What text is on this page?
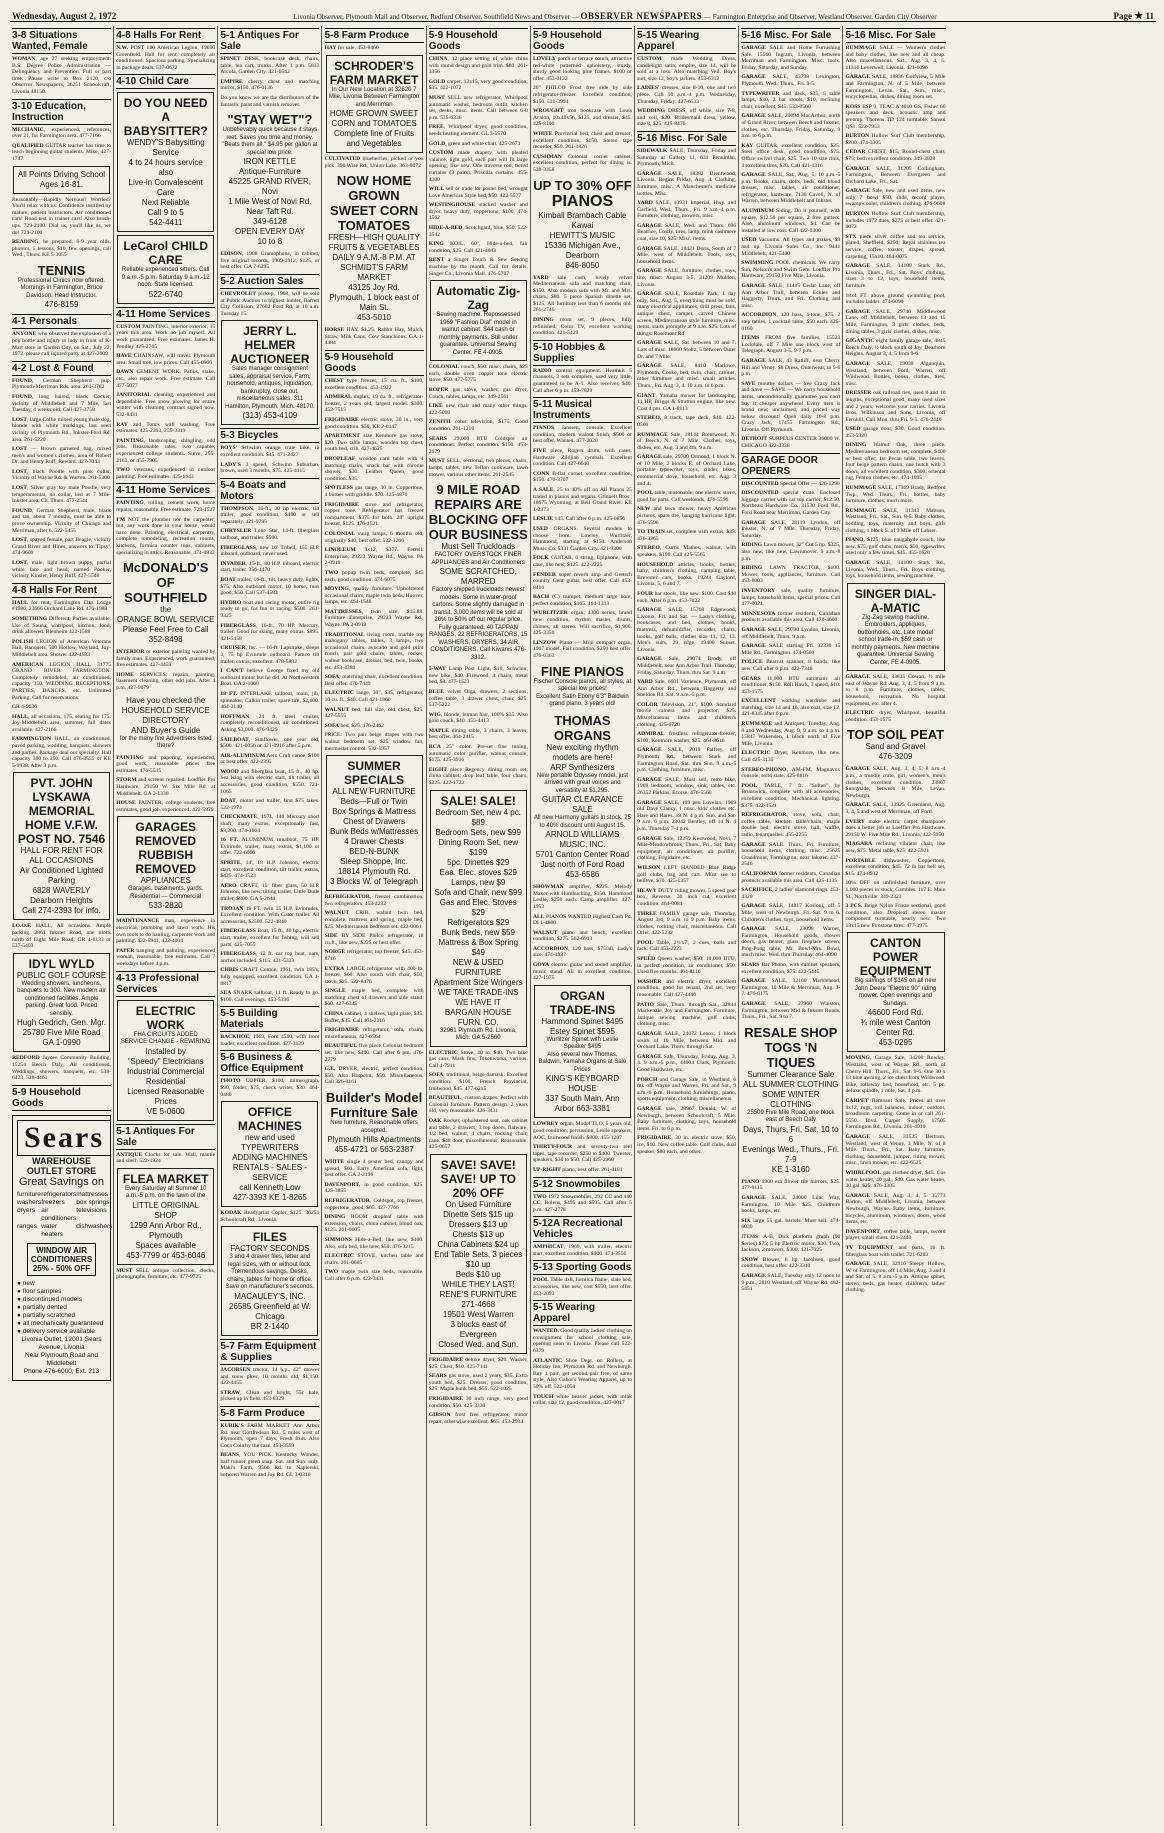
Wednesday, August 2, 1972	Livonia Observer, Plymouth Mail and Observer, Redford Observer, Southfield News and Observer — OBSERVER NEWSPAPERS — Farmington Enterprise and Observer, Westland Observer, Garden City Observer	Page 11
3-8 Situations Wanted, Female
WOMAN, age 27 seeking employment. B.S. Degree Police Administration — Delinquency and Prevention. Full or part time. Please write to Box 2120, c/o Observer Newspapers, 36251 Schoolcraft, Livonia 48150.
3-10 Education, Instruction
MECHANIC, experienced, references, over 21, for Farmington area. 477-7166
QUALIFIED GUITAR teacher has time to teach beginning guitar students. Mike, 427-1747
All Points Driving School
Ages 16-81.
Reasonably—Rapidly Nervous? Worried? You'll relax with us. Confidence instilled by mature, patient instructors. Air conditioned cars! Road test in trainer cars! Also brush-ups. 729-2100. Dial us, you'll like us, we do! 729-2100
READING, be prepared, 6-9 year olds, phonics, 5 lessons, $10, few openings, call Wed., Thurs. KE 5-3055
TENNIS
Professional Clinics now offered. Mornings in Farmington, Bruce Davidson, Head Instructor.
476-8159
4-1 Personals
ANYONE who observed the explosion of a pop bottle and injury to lady in front of K-Mart store in Garden City, on Sat., July 22, 1972, please call injured party at 427-2009
4-2 Lost & Found
FOUND, German Shepherd pup. Plymouth-Merriman Rds. area. 261-3782
FOUND, long haired, black Cocker, vicinity of Middlebelt and 7 Mile, last Tuesday, 4 weeks old. Call 427-3758
LOST, large Collie mixed young male dog, blonde with white markings, last seen vicinity of Plymouth Rd., Inkster-Ford Rd. area. 261-5220
LOST — Brown garnered bag, mixed men's and women's clothes, area of Robert Dr. and Henry Ruff, Reward. 427-7043
LOST, black Poodle with pink collar. Vicinity of Wayne Rd. & Warren. 261-5300
LOST, Silver gray toy male Poodle, very temperamental, no collar, lost at 7 Mile-Inkster area, Ch. Thurs. 477-2544
FOUND, German Shepherd, male, black and tan, about 7 months, must be able to prove ownership. Vicinity of Chicago and Merriman, after 6. 522-5455
LOST, spayed female, part Beagle, vicinity Grand River and Hines, answers to 'Tipsy'. 474-9609
LOST, male, light brown puppy, partial white face and head, named Pooker, vicinity Kinsler, Henry Ruff. 427-5548
4-8 Halls For Rent
HALL for rent, Farmington Elks Lodge #1986, 23666 Orchard Lake Rd. 476-1988
SOMETHING Different, Parties available. Use of Sauna, whirlpool, kitchen, food, drink allowed. Blenheim 422-1588
POLISH LEGION of American Veterans Hall, Banquets, 500 Hollow, Wayland, Joy-Middlebelt area. Shower 422-4533
AMERICAN LEGION HALL 31775 GRAND RIVER FARMINGTON. Completely remodeled, air conditioned, capacity 350. WEDDING RECEPTIONS, PARTIES, DANCES, etc. Unlimited Parking. Call for reservations.
GR 4-9636
HALL, all occasions, 175, seating for 175. Joy-Middlebelt area, summer, fall dates available. 427-2166
FARMINGTON HALL, air conditioned, paved parking, wedding, banquets, showers and parties. Package deal our specialty. Hall capacity 300 to 350. Call 476-3555 or KE 5-9938. After 3 p.m.
PVT. JOHN LYSKAWA MEMORIAL HOME V.F.W. POST NO. 7546
HALL FOR RENT FOR ALL OCCASIONS
Air Conditioned Lighted Parking
6828 WAVERLY
Dearborn Heights
Call 274-2393 for info.
I.O.O.F. HALL, All occasions. Ample parking. 2861 Inkster Road, one block north of Eight Mile Road. GR 4-6133 or 537-5403
IDYL WYLD
PUBLIC GOLF COURSE
Wedding showers, luncheons, banquets to 300. New modern air conditioned facilities. Ample parking. Great food. Priced sensibly.
Hugh Gedrich, Gen. Mgr.
25780 Five Mile Road
GA 1-0990
REDFORD Jaycee Community Building, 15254 Beech Daly, Air conditioned, Weddings, showers, banquets, etc. 538-6423, 538-4461
5-9 Household Goods
Sears
WAREHOUSE OUTLET STORE
Great Savings on
furniture refrigerators mattresses
washers freezers	box springs
dryers air conditioners
televisions
ranges water heaters
dishwashers
WINDOW AIR CONDITIONERS
25% - 50% OFF
● new
● floor samples
● discontinued models
● partially dented
● partially scratched
● all mechanically guaranteed
● delivery service available
Livonia Outlet, 12001 Sears Avenue, Livonia
Near Plymouth Road and Middlebelt
Phone 476-6000, Ext. 213
4-8 Halls For Rent
N.W. POST 180 American Legion, 19690 Greenfield. Hall for rent, completely air conditioned. Spacious parking. Specializing in package deals. 537-0672
4-10 Child Care
DO YOU NEED A BABYSITTER?
WENDY'S Babysitting Service
4 to 24 hours service also
Live-in Convalescent Care
Next Reliable
Call 9 to 5
542-4411
LeCarol CHILD CARE
Reliable experienced sitters. Call 9 a.m.-5 p.m. Saturday 9 a.m.-12 noon. State licensed.
522-6740
4-11 Home Services
CUSTOM PAINTING, interior exterior, 15 years this area. Work no job myself. All work guaranteed. Free estimates. James H. Pendley 425-2765
HAVE CHAINSAW, will travel. Plymouth area. Small tree, low prices. Call 455-0966
DAWN CEMENT WORK. Patios, stake, etc., also repair work. Free estimate. Call 477-5077
JANITORIAL cleaning, experienced and dependable. Free snow plowing for entire winter with cleaning contract signed now. 532-8431
RAY and Tom's wall washing. Free estimates. 425-2393, 255-3319
PAINTING, landscaping, shingling, odd jobs. Reasonable rates, two capable, experienced college students. Steve, 255-2163, or 455-7905
TWO veterans, experienced in outdoor painting. Free estimates. 425-1643
4-11 Home Services
PAINTING, rolling, cement work, home repairs, reasonable. Free estimate. 728-1527
I'M NOT the plumber nor the carpenter, but, any work done in your house, would have done. Painting, electrical, carpentry, complete remodeling, recreation rooms, kitchens, formica counter tops, cabinets, specializing in attics. Reasonable. 474-0832
McDONALD'S OF SOUTHFIELD
the
ORANGE BOWL SERVICE
Please Feel Free to Call
352-8498
INTERIOR or exterior painting wanted by family man. Experienced, work guaranteed, free estimates. 427-4459
HOME SERVICES; repairs, painting, basement cleaning, other odd jobs. After 4 p.m. 427-9079
Have you checked the
HOUSEHOLD SERVICE DIRECTORY
AND Buyer's Guide
for the many fine Advertisers listed there?
PAINTING and papering, experienced, good work, reasonable prices free estimates. 476-5515
STORM and screens repaired. Loeffler Pro Hardware, 29150 W. Six Mile Rd. at Middlebelt. GA 2-1330
HOUSE PAINTER, college students, free estimates, good job, experienced. 422-5879
GARAGES REMOVED RUBBISH REMOVED
APPLIANCES
Garages, basements, yards. Residential — Commercial
533-2820
MAINTENANCE man, experience in electrical, plumbing and lawn work. His own tools to do hauling, carpenter work and painting. 422-5941, 422-4004
PAPER hanging and painting, experienced woman, reasonable, free estimates. Call 7 weekdays before 4 p.m.
4-13 Professional Services
ELECTRIC WORK
FHA CIRCUITS ADDED SERVICE CHANGE - REWIRING
Installed by
"Speedy" Electricians
Industrial Commercial Residential
Licensed Reasonable Prices
VE 5-0600
5-1 Antiques For Sale
ANTIQUE Clocks for sale. Wall, mantle and shelf. 522-1924
FLEA MARKET
Every Saturday all Summer 10 a.m.-5 p.m. on the lawn of the
LITTLE ORIGINAL SHOP
1299 Ann Arbor Rd., Plymouth
Spaces available
453-7799 or 453-6046
MUST SELL antique collection, clocks, phonographs, furniture, etc. 477-9725
5-1 Antiques For Sale
SPINET DESK, bookcase desk, chairs, table, tea cart, trunks. After 1 p.m. 5833 Arcola, Garden City. 421-6542
EMPIRE cherry chest and matching mirror, $150. 476-0136
Do you know we are the distributors of the fantastic paint and varnish remover.
"STAY WET"?
Unbelievably quick because it stays wet. Saves you time and money. "Beats them all." $4.95 per gallon at special low price.
IRON KETTLE
Antique-Furniture
45225 GRAND RIVER, Novi
1 Mile West of Novi Rd.
Near Taft Rd.
349-6128
OPEN EVERY DAY
10 to 8
EDISON, 1908 Gramophone, in cabinet, five original records, 1909-1912, $125, or best offer. GA 7-6295
5-2 Auction Sales
CHEVROLET pickup, 1968, will be sold at Public Auction to highest bidder, Barrett City Collision, 27602 Ford Rd. at 10 a.m. Tuesday 15.
JERRY L. HELMER AUCTIONEER
Sales manager consignment sales, appraisal service, Farm, household, antiques, liquidation, bankruptcy, close out, miscellaneous sales. 311 Hamilton, Plymouth, Mich. 48170.
(313) 453-4109
5-3 Bicycles
BOYS' Schwinn orange crate bike, in excellent condition. $45. 471-2427
LADY'S 3 speed, Schwinn Suburban, brown, used 3 months, $75. 425-4115
5-4 Boats and Motors
THOMPSON, 16-ft., 30 hp electric, tilt trailer, good condition, $400 or sell separately. 421-9785
CHRYSLER Lone Star, 14-ft. fiberglass sailboat, and trailer. $500.
FIBERGLASS, new 16' Tribell, 155 H.P. inboard, outboard, never used.
INVADER, 15-ft., 80 H.P. inboard, electric start, trailer. 356-4470
BOAT trailer, 16-ft., tilt, heavy duty, lights, $75. Also outboard motor, 10 horse, runs good, $50. Call 537-4583
HYDRO boat and racing motor, entire rig ready to go, for fun or racing. $500. 261-9325
FIBERGLASS, 16-ft., 70 HP. Mercury, trailer. Good for skiing, many extras. $895. 421-5458
CRUISER, Inc. — 16-ft. Lapstrake, sleeps 3, 75 hp Evinrude outboard. Pamco tilt trailer, extras, excellent. 478-5882
I CAN'T believe George fixed my old outboard motor but he did. At Northwestern Boat. GA 2-1060
18 FT. INTERLAKE sailboat, main, jib, spinnaker, Calkin trailer, spare tire, $2,600. 464-3140
HOFFMAN, 24 ft. steel cruiser, completely reconditioned, air conditioned. Asking $3,000. 476-9429
SAILBOAT, Sunflower, one year old, $500. 421-0056 or 421-0916 after 5 p.m.
AIR-ALUMINUM Aero Craft canoe, $100 or best offer. 422-2395
WOOD and fiberglass boat, 15 ft., 40 hp. Sea King with electric start, tilt trailer, all accessories, good condition, $550. 721-1065
BOAT, motor and trailer, first $75 takes. 522-1974
CHECKMATE, 1971, 140 Mercury short shaft, many extras, exceptionally fast, $3,200. 474-1664
16 FT. ALUMINUM runabout, 75 HP. Evinrude, trailer, many extras, $1,100 or offer. 722-6066
SPRITE, 14', 18 H.P. Johnson, electric start, excellent condition, tilt trailer, extras, $425. 474-1523
AERO CRAFT, 15' fiber glass, 50 H.P. Johnson, like new, tilting trailer, Little Dude trailer, $800. GA 5-2640
TROJAN 19 FT. twin 35 H.P. Evinrudes, Excellent condition. With Gator trailer. All accessories, $2500. 522-4840
FIBERGLASS Boat, 15 ft., 40 hp., electric start, trailer, excellent for fishing, will sell parts. 425-7055
FIBERGLASS, 12 ft. car top boat, oars, anchor included. $115. 421-5333
CHRIS CRAFT Connie, 1961, twin 185's, fully equipped, excellent condition. GA 1-8817
SEA SNARK sailboat, 11 ft. Ready to go. $100. Call evenings. 453-5336
5-5 Building Materials
BACKHOE, 1969, Ford 4500, with front loader, excellent condition. 427-3129
5-6 Business & Office Equipment
PHOTO COPIER, $100, mimeograph, $90, folder, $75, check writer, $30. 464-0480
OFFICE MACHINES
new and used
TYPEWRITERS
ADDING MACHINES
RENTALS - SALES - SERVICE
call Kenneth Low
427-3393 KE 1-8265
KODAK Readyprint Copier, $125. 36251 Schoolcraft Rd., Livonia.
FILES
FACTORY SECONDS
3 and 4 drawer files, letter and legal sizes, with or without lock. Tremendous savings. Desks, chairs, tables for home or office. Save on manufacturer's seconds.
MACAULEY'S, INC.
26585 Greenfield at W. Chicago
BR 2-1440
5-7 Farm Equipment & Supplies
JACOBSEN tractor, 14 h.p., 42" mower and snow plow, 10 months old, $1,150. 422-4455
STRAW, Clean and bright, 55c bale, picked up in field. 453-8329
5-8 Farm Produce
KUBIK'S FARM MARKET Ann Arbor Rd. near Gottfredson Rd., 5 miles west of Plymouth, open 7 days. Fresh fruit. Also Coca Cola by the case. 453-3599
BEANS, YOU PICK. Kentucky Wonder, half runner green snap. Sat. and Sun. only. Maki's Farm, 9566 Rd. to Napierski, between Warren and Joy Rd. GL 3-0310
5-8 Farm Produce
HAY for sale. 453-8466
SCHRODER'S FARM MARKET
In Our New Location at 32620 7 Mile, Livonia Between Farmington and Merriman
HOME GROWN SWEET CORN and TOMATOES
Complete line of Fruits and Vegetables
CULTIVATED blueberries, picked or you pick. 390 Wise Rd., Union Lake. 363-0072
NOW HOME GROWN SWEET CORN TOMATOES
FRESH—HIGH QUALITY
FRUITS & VEGETABLES
DAILY 9 A.M.-8 P.M. AT
SCHMIDT'S FARM MARKET
43125 Joy Rd.
Plymouth, 1 block east of Main St.
453-5010
HORSE HAY, $1.25. Rabbit Hay, Mulch, Straw, Milk Cans, Cow Stanchions. GA 1-4484
5-9 Household Goods
CHEST type freezer, 15 cu. ft., $100, excellent condition. 453-1922
ADMIRAL duplex, 19 cu. ft., refrigerator-freezer, 2 years old, largest model. $300. 453-7515
FRIGIDAIRE electric stove, 30 in., very good condition. $50. KE 2-0147
APARTMENT size Kenmore gas stove, $20. Two table lamps, wooden top chest, youth bed, crib. 427-4625
DROPLEAF wooden card table with 4 matching chairs, snack bar with chrome shower, $30. Leather Queen, good condition. $35.
SPOTLESS gas range, 30 in. Coppertone, 4 burner with griddle. $70. 425-4870
FRIGIDAIRE stove and refrigerator, copper tone. Refrigerator has freezer compartment, $375 for both. 28" upright freezer, $125. 476-1521
COLONIAL swag lamps, 6 months old, originally $40, best offer. 522-1266
LINOLEUM 9x12, $377. Ferrell. Enterprise, 29223 Wayne Rd., Wayne. PA 2-0919
TWO popup twin beds, complete, $45 each, good condition. 474-6075
MOVING, quality furniture. Upholstered occasional chairs, maple twin beds, Hoover, lamps, etc. 464-1548
MATTRESSES, twin size, $15.88. Furniture Enterprise, 29223 Wayne Rd., Wayne. PA 2-0919
TRADITIONAL living room, marble top mahogany tables, tables, 3 lamps, two occasional chairs, avocado and gold print couch, pair gold chairs, tables, rocker, walnut bookcase, dresser, bed, twin, books, etc. 453-4380
SOFA, matching chair, excellent condition. Best offer. 476-7449
ELECTRIC range, 30", $35, refrigerator, 10 cu. ft., $40. Call 421-1860
WALNUT bed, full size, old chest, $25. 427-5555
SOFA bed, $25. 476-2462
PRICE: Two pair beige drapes with two walnut bedroom set, $25 window fan, thermostat control. 532-5957
SUMMER SPECIALS
ALL NEW FURNITURE
Beds—Full or Twin
Box Springs & Mattress
Chest of Drawers
Bunk Beds w/Mattresses
4 Drawer Chests
BED-N-BUNK
Sleep Shoppe, Inc.
18814 Plymouth Rd.
3 Blocks W. of Telegraph
REFRIGERATOR, freezer combination, two refrigerators. 453-4232
WALNUT CRIB, walnut twin bed, complete, mattress and spring, maple bed, $25. Mediterranean bedroom set. 422-0061
SIDE BY SIDE Philco refrigerator, 18 cu.ft., like new, $225 or best offer.
NORGE refrigerator, top freezer, $45. 453-8716
EXTRA LARGE refrigerator with 400 lb. freezer, $60. Also couch with chair, $50, stove, $25. 522-8476
SINGLE maple bed, complete with matching chest of drawers and side stand. $60. 427-6345
CHINA cabinet, 4 shelves, light plate, $35. Buffet, $35. Call 464-2316
FRIGIDAIRE refrigerator, sofa, chairs, miscellaneous. 427-6564
BEAUTIFUL five piece Colonial bedroom set, like new, $400. Call after 6 pm. 476-2779
G.E. DRYER, electric, perfect condition, $50. Also Hotpoint, $50. Miscellaneous. Call 326-0161
Builder's Model Furniture Sale
New furniture. Reasonable offers accepted.
Plymouth Hills Apartments
455-4721 or 563-2387
WHITE single 4 poster bed, canopy and spread, $60. Early American sofa, light, best offer. GA 2-2196
DAVENPORT, in good condition, $25. 425-3855
REFRIGERATOR, Coldspot, top freezer, coppertone, good, $65. 427-7766
DINING ROOM dropleaf table with extension, chairs, china cabinet, blond oak, $125. 261-0605
SIMMONS Hide-a-Bed, like new, $100. Also, sofa bed, like new, $50. 476-3215
ELECTRIC STOVE, kitchen table and chairs. 261-0685
TWO maple twin size beds, reasonable. Call after 6 p.m. 422-3431
5-9 Household Goods
CHINA, 12 place setting of white china with round design and gold trim. $80. 261-3356
GOLD carpet, 12x15, very good condition, $35. 422-1072
MUST SELL new refrigerator, Whirlpool automatic washer, bedroom outfit, kitchen set, desks, misc. items. Call between 6-8 p.m. 535-6336
FREE, Whirlpool dryer, good condition, needs heating element. GL 3-5570
GOLD, green and white chair. 425-2673
CUSTOM made drapery with pleated valance, light gold, each pair will fit large opening, like new. One traverse rod, tiered curtains (3 pairs), Priscilla curtains. 455-4300
WILL sell or trade for poster bed, wrought Love American Style bed, $50. 422-5577
WESTINGHOUSE stacked washer and dryer, heavy duty, coppertone, $100. 474-1562
HIDE-A-BED, Scotchgard, blue, $50. 522-3542
KING KOIL, 60", Hide-a-bed, fair condition, $25. Call 421-4683
RENT a Singer Touch & Sew Sewing machine by the month. Call for details. Singer Co., Livonia Mall. 476-5707
Automatic Zig-Zag
Sewing machine. Repossessed 1969 "Fashion Dial" model in walnut cabinet. $44 cash or monthly payments. Still under guarantee. Universal Sewing Center. FE 4-0905.
COLONIAL couch, $50. misc. chairs, $25 each, double oven copper tone electric stove, $50. 477-5775
ROPER gas stove, washer, gas dryer, Couch, tables, lamps, etc. 349-2561
LIKE new chair and many other things. 422-5000
ZENITH color television, $175. Good condition. 261-1216
SEARS 29,000 BTU Coldspot air conditioner. Perfect condition. $150. 453-2679
MUST SELL, sectional, two pieces, chairs, lamps, tables, new Teflon cookware, lawn mower, various other items. 261-2545
9 MILE ROAD REPAIRS ARE BLOCKING OFF OUR BUSINESS
Must Sell Truckloads
FACTORY OVERSTOCK FINER APPLIANCES and Air Conditioners
SOME SCRATCHED, MARRED
Factory shipped truckloads newest models. Some in water-proof cartons. Some slightly damaged in transit. 3,000 items will be sold at 20% to 50% off our regular price. Fully guaranteed. 40 TAPPAN RANGES, 22 REFRIGERATORS, 15 WASHERS, DRYERS, 34 AIR CONDITIONERS. Call Kiwanis 476-3312.
5-WAY Lamp Post Light, $10, Schwinn, new bike, $40. Firewood, 4 chairs, metal bed, $8. 477-1523
BLUE velvet Olga, drawers, 2 sections, coffee table, 3 drawer chest, chair. $25. 537-5222
WIG, blonde, human hair, 100% $35. Also gold couch, $40. 455-4413
MAPLE dining table, 3 chairs, 3 leaves, best offer. 464-2415
RCA 25" color. Pre-set fine tuning, automatic color purifier, walnut console, $175. 425-3916
EIGHT piece Regency dining room set, china cabinet, drop leaf table, four chairs, $225. 422-1722
SALE! SALE!
Bedroom Set, new 4 pc. $89
Bedroom Sets, new $99
Dining Room Set, new $199
5pc. Dinettes $29
Eaa. Elec. stoves $29
Lamps, new $9
Sofa and Chair, new $99
Gas and Elec. Stoves $29
Refrigerators $29
Bunk Beds, new $59
Mattress & Box Spring $49
NEW & USED FURNITURE
Apartment Size Wringers
WE TAKE TRADE-INS
WE HAVE IT
BARGAIN HOUSE FURN. CO.
32961 Plymouth Rd. Livonia, Mich. GA 5-2560
ELECTRIC Stove, 40 in. $40. Two bike gas cans, Mask fins, Tokenworks, various. Call 4-7911
SOFA, traditional, beige damask. Excellent condition. $100. French Provincial, fruitwood, $45. 477-6215
BEAUTIFUL, custom drapes. Perfect with Colonial furniture. Pattern design. 2 years old, very reasonable. 426-3431
OAK Rocker, upholstered seat, oak cabinet and table, 2 drawers, 3 top doors, flatware, 1/2 bed, walnut, 4 chairs, rocking chair, cane. $48 door, miscellaneous. Reasonable. 425-0657
SAVE! SAVE! SAVE! UP TO 20% OFF
On Used Furniture
Dinette Sets $15 up
Dressers $13 up
Chests $13 up
China Cabinets $24 up
End Table Sets, 3 pieces $10 up
Beds $10 up
WHILE THEY LAST!
RENE'S FURNITURE
271-4668
19501 West Warren
3 blocks east of Evergreen
Closed Wed. and Sun.
FRIGIDAIRE deluxe dryer, $20. Washer, $25. Chest, $10. 425-7141
SEARS gas stove, used 2 years, $35. Extra youth bed, $25. Dresser, good condition, $25. Maple bunk bed, $55. 522-1025
FRIGIDAIRE 30 inch range, very good condition, $50. 425-3330
GIBSON frost free refrigerator, minor repair, otherwise excellent. $65. 453-2934
5-9 Household Goods
LOVELY porch or terrace couch, attractive red-white patterned upholstery, sturdy, sturdy good looking pine frames. $100 or offer. 453-0122
26" PHILCO Frost free side by side refrigerator-freezer. Excellent condition, $150. 531-3994
WROUGHT iron bookcase with Louis Avalon, 10x40x56, $125, and dresser, $45. 425-8100
WHITE Provincial bed, chest and dresser, excellent condition, $150. Stereo tape recorder, $50. 261-1826
CUSHMAN Colonial corner cabinet, excellent condition, perfect for dining is. 538-3358
UP TO 30% OFF
PIANOS
Kimball Brambach Cable Kawai
HEWITT'S MUSIC
15336 Michigan Ave., Dearborn
846-8050
YARD sale cash, lovely velvet Mediterranean sofa and matching chair, $150. Also modern sofa with Mr. and Mrs. chairs, $80. 5 piece Spanish dinette set, $125. All furniture less than 6 months old. 261-2746
DINING room set, 9 pieces, fully refinished, Color TV, excellent working condition. 421-5429
5-10 Hobbies & Supplies
RADIO control equipment. Heathkit 5 channels, 3 sets complete, used very little, guaranteed to be A-1. Also receiver, $40. Call after 6 p.m. 453-7829
5-11 Musical Instruments
PIANOS, Janssen, console. Excellent condition, modern walnut finish, $500 or best offer. Wanted. 477-2020
FIVE piece, Rogers drum, with cases. Hardware Zildjian cymbals. Excellent condition. Call 427-6640
CONN B-flat cornet, excellent condition, $150. 476-3707
A SALE, 25 to 40% off on All Pianos 25 traded in pianos and organs. Grinnell Bros., 18675 Wyoming, at Bell Grand River. KE 1-2373
LESLIE 145. Call after 6 p.m. 425-0856
USED ORGANS. Several models to choose from. Lowrey, Wurlitzer, Hammond, starting at $150. Anderson Music Co. 5331 Garden City. 421-9300
FOLK GUITAR, 6 string, Epiphone, with case, like new, $125. 422-2225
FENDER super reverb amp and Gretsch country Gent guitar, best offer. Call 453-8416
BACH (C) trumpet, medium large bore, perfect condition, $165. 464-1313
WURLITZER organ, 4300 series, brand new condition, rhythm master, drums, chimes, all stereo. Will sacrifice, $1,900. 425-3350
LINZOW Piano — Mini compact organ, 1967 model. Fair condition, $250 best offer. 476-6363
FINE PIANOS
Fischer Console pianos, all styles, at special low prices!
Excellent Satin Ebony 6'3" Baldwin grand piano, 3 years old!
THOMAS ORGANS
New exciting rhythm models are here!
ARP Synthesizers
New portable Odyssey model, just arrived with great voices and versatility at $1,295.
GUITAR CLEARANCE SALE
All new Harmony guitars in stock, 25 to 40% discount until August 15.
ARNOLD WILLIAMS MUSIC, INC.
5701 Canton Center Road
Just north of Ford Road
453-6586
SHOWMAN amplifier, $225. Melody Maker with Humbucking, $150. Hammond Leslie, $250 each. Camp amplifier. 427-1953
ALL PIANOS WANTED Highest Cash Pd. DI 1-4800
WALNUT piano and bench, excellent condition, $275. 562-6913
ACCORDION, 120 bass, $75/all, Lady's size. 474-1937
GOYA electric guitar and sound amplifier, music stand. All in excellent condition. 427-1975
ORGAN TRADE-INS
Hammond Spinet $495
Estey Spinet $595
Wurlitzer Spinet with Leslie Speaker $495
Also several new Thomas, Baldwin, Yamaha Organs at Sale Prices
KING'S KEYBOARD HOUSE
337 South Main, Ann Arbor 663-3381
LOWREY organ, Model TLO, 5 years old, good condition, percussion, Leslie speakers, AOC, fruitwood finish. $800. 455-1207
THIRTY-FOUR and seventy-two reel tapes, tape recorder, $250 to $400. Tweeter, speakers, $30 to $50. Call 425-2960
UP-RIGHT piano, best offer. 261-0181
5-12 Snowmobiles
TWO 1972 Snowmobiles, 292 CC and 440 CC, Bolens, $495 and $595. Call after 5 p.m. 427-2778
5-12A Recreational Vehicles
AMPHICAT, 1969, with trailer, electric start, excellent condition, $900. 474-3556
5-13 Sporting Goods
POOL Table 4x8, formica frame, slate bed, accessories, like new, cost $550, best offer. 453-2093
5-15 Wearing Apparel
WANTED. Good quality ladies' clothing on consignment for school clothing sale, opening soon in Livonia. Please call 522-6379
ATLANTIC Shoe Dept. on Rollers, at Holiday Inn, Plymouth Rd. and Newburgh. Buy 1 pair, get second pair free, of same style, Also Gabor's Wearing Apparel, up to 50% off. 522-1050
TOUCH white beaver jacket, with mink collar, size 12, good condition. 427-0017
5-15 Wearing Apparel
CUSTOM made Wedding Dress, candlelight satin, empire, size 14, will be sold at a loss. Also matching Veil. Boy's suit, size 12, boy's jackets. 453-6312
LADIES' dresses, size 8-10, one and two piece. Call 10 a.m.-4 p.m. Wednesday, Thursday, Friday. 427-6513
WEDDING DRESS, off white, size 7-8, and veil, $20. Bridesmaid dress, yellow, size 8, $25. 425-8476
5-16 Misc. For Sale
SIDEWALK SALE, Thursday, Friday and Saturday at Gallery 11, 631 Penniman, Plymouth, Mich.
GARAGE SALE, 18382 Brentwood, Livonia. Begins Friday, Aug. 4. Clothing, furniture, misc. A Manchester's medicine bottles. Misc.
YARD SALE, 10931 Imperial, Hwy. and Garfield, Wed., Thurs., Fri. 9 a.m.-4 p.m. Furniture, clothing, mowers, misc.
GARAGE SALE, Wed. and Thurs. 696 Beatrice, Costly, tires, lamp, mink cashmere coat, size 10, $25. Misc. items.
GARAGE SALE, 18421 Doris, South of 7 Mile, west of Middlebelt. Tools, toys, household items.
GARAGE SALE, furniture, clothes, toys, tire, misc. August 3-5, 31209 Muldon, Livonia.
GARAGE SALE, Rosedale Park, 1 day only, Sat., Aug. 5, everything must be sold, many electrical appliances, drill press, fans, antique chest, camper, carved Chinese screen, Mediterranean style furniture, misc. items, starts promptly at 9 a.m. $25. Lots of things. Rosemont Rd.
GARAGE SALE, Sat. between 10 and 7. Lots of misc. 18660 Stoltz, 5 between Outer Dr. and 7 Mile.
GARAGE SALE, 8410 Marlowe, Plymouth, Cooke, bed, twin, chair, cabinet, other furniture and misc. small articles. Thurs., Fri. Aug. 3, 4. 10 a.m. to 6 p.m.
GIANT, Yamaha mower for landscaping, 11 HP, Briggs & Stratton engine, like new. Cost 4 pm. GA 1-8113
STEREO, 8 track, tape deck, $40. 422-0500
RUMMAGE Sale, 18144 Brentwood, N. of Beech, N. of 7 Mile. Clothes, toys, dishes, etc. Aug. 3 and 4th, 9 a.m.
GARAGE sale, 29700 Ormond, 1 block N. of 10 Mile, 2 blocks E. of Orchard Lake, portable typewriter, toys, zinder, bikes, commercial dove, household, etc. Aug. 3 and 4.
POOL table, reasonable; one electric stove, good for parts. Call weekends, 476-5596
NEW and lawn mower, heavy American pictures, spare tire, hanging hurricane light. 476-5596
TO TRAIN set, complete with extras, $35. 476-3365
STEREO, Curtis Mathes, walnut, with speakers, $190. Call 425-5565
HOUSEHOLD articles, books, bottles, baby, children's clothing, camping table, Brewster cars, books. 19244 Gaylord, Livonia, 5, 6 and 7.
FOUR bar stools, like new. $100. Cost $40 each. After 6 p.m. 453-7022
GARAGE SALE. 15768 Edgewood, Livonia. Fri. and Sat. — Lady's clothing, bookcases, and bed, clothes, books, mattress, dehumidifier, recorder, chairs, books, golf balls, clothes size 11, 12, 13. Men's suits, 29 edge. 19400 Sunset. Livonia.
GARAGE Sale, 29074 Brody, off Middlebelt, near Ann Arbor Trail. Thursday, Friday, Saturday. Thurs. thru Sat. 9 a.m.
YARD Sale, 6601 Vavience, Plymouth, off Ann Arbor Rd., between Haggerty and Sheldon Rd. Sat. 9 a.m.-5 p.m.
COLOR Television, 21", $100. Standard movie camera and projector, $25. Miscellaneous items and children's clothing. 425-6720
ADMIRAL frostless refrigerator-freezer, $100; Kenmore washer, $25. 464-8616
GARAGE SALE, 2019 Palfrey, off Plymouth Rd., between Stark and Farmington Road, Sat. thru Sun. 9 a.m.-5 p.m. Clothing, furniture, misc.
GARAGE SALE, Must sell, retro bike, 1969 bedroom, window, sink, tables, etc. 26352 Parkins, Ecorse. 476-5560
GARAGE SALE, 169 pen Lovelan, 1969 old Dave Clancy, 1 misc. kids' clothes etc. Hare and Hares. 19 N. 4 p.m. Sun. and Sat. 9 a.m. 6 p.m. 23042 Bentley, off 14 N. 4 p.m. Thursday 7-4 p.m.
GARAGE Sale, 12259 Kestwood, Novi, 7 Mile-Meadowbrook, Thurs., Fri., Sat. Baby equipment, air conditioner, air purifier, clothing, Frigidaire, etc.
WILSON LEFT HANDED Blue Ridge golf clubs, bag and cart. Must see to believe, $70. 425-1357
HEAVY DUTY riding mower, 5 speed gear box, Reverse, 30 inch cut, excellent condition. 464-0081
THREE FAMILY garage sale, Thursday, August 3rd, 9 a.m. to 9 p.m. Baby items, clothes, rocking chair, miscellaneous. Call Oriel. 422-5232
POOL Table, 2½'x7', 2 cues, balls and rack. Call 453-2223
SPEED Queen washer, $50; 10,000 BTU, in perfect condition, air conditioner, $50. Used five months. 464-8116
WASHER and electric dryer, excellent condition, good for tenant, 2nd set, very reasonable. Call 427-4446
PATIO Sale, Thurs. through Sat., 32844 Mackenzie, Joy and Farmington. Furniture, antique sewing machine, golf clubs, clothing, misc.
GARAGE SALE, 24072 Lenox, 1 block south of 10 Mile, between Mid. and Orchard Lake. Thurs. through Sat.
GARAGE Sale, Thursday, Friday, Aug. 3, 4. 9 a.m.-5 p.m., 44004 Clark, Plymouth. Good Hardware, etc.
PORCH and Garage Sale, in Westland, 6 mi. off Wayne and Warren, Fri. and Sat., 9 a.m.-6 p.m. Household furnishings, piano, sports equipment, clothing, miscellaneous.
GARAGE sale, 28967 Donald, W. of Newburgh, between Schoolcraft, 5 Mile. Baby furniture, clothing, toys, household items. Fri. to 6 p.m.
FRIGIDAIRE, 30 in. electric stove, $50, ice, $10. New coffee table. Golf clubs, dual speaker, $80 each, and other.
5-16 Misc. For Sale
GARAGE SALE and Home Furnishing Sale. 15560 Ingram, Livonia, between Merriman and Farmington. Misc. tools. Friday, Saturday, and Sunday.
GARAGE SALE, 43798 Lexington, Plymouth. Wed., Thurs., Fri. 9-5.
TYPEWRITER and desk, $35, 5 table lamps, $30, 2 bar stools, $10, reclining chair, excellent, $45. 533-0560
GARAGE SALE, 20094 MacArthur, north of Grand River, between Beech and Inkster, clothes, etc. Thursday, Friday, Saturday. 9 a.m. to 6 p.m.
KAY GUITAR, excellent condition, $25. Steel office desk, good condition, $75. Office swivel chair, $25. Two 10 size rims, 4 excellent tires, $20. Call 421-1316
GARAGE SALE, Sat., Aug. 5, 10 a.m.-5 p.m. Books, chairs, dolls, beds, old blond dresser, misc. tables, air conditioner, refrigerator, hardware, 7130 Cavell, N. of Warren, between Middlebelt and Inkster.
ALUMINUM Siding. Do it yourself, with square, $12.50 per square, 2 free gutters. Also, aluminum windows, $4. Can be installed at low cost. Call 422-0300
USED Vacuums. All types and makes, $9 and up. Livonia Sales Co., Inc. 9441 Middlebelt, 421-5400
SWIMMING POOL chemicals. We carry Sun, Nelson's and Swim Gem. Loeffler Pro Hardware, 29150 Five Mile, Livonia.
GARAGE SALE, 11415 Cedar Lane, off Ann Arbor Trail, between Eckles and Haggerty, Thurs. and Fri. Clothing and misc.
ACCORDION, 120 bass, 4-tone, $75. 2 step tables, 1 cocktail table, $50 each. 425-0160
ITEMS FROM five families, 15523 Lockdale, off 7 Mile one block west of Telegraph. August 3-5. 9-7 p.m.
GARAGE SALE, 43 Ratliff, near Cherry Hill and Venoy. $8 Dress, Outerwear, to 5-6 p.m.
SAVE mouthe dollars — See Crazy Jack and Save — SAVE — We carry household items, unconditionally guarantee you can't buy it cheaper anywhere! Every item is brand new, unclaimed, and priced way below discount! Open daily 10-8 p.m. Crazy Jack, 17455 Farmington Rd., Livonia. Off Plymouth.
DETROIT SURPLUS CENTER 36000 W. CHICAGO 422-3338
GARAGE DOOR OPENERS
DISCOUNTED Special Offer — 426-1290
DISCOUNTED special crate. Enclosed luggage carrier with car top carrier, $12.50. Northeast Hardware Co. 31530 Ford Rd., Ford Road near Merriman, Garden City.
GARAGE SALE, 28119 Lyndon, off Inkster, N. of 7 Mile. Thursday, Friday, Saturday.
RIDING Lawn mower, 32" Cut 5 hp. $325, also new, like new, Lawnmover. 9 a.m.-8 p.m.
RIDING LAWN TRACTOR, $100. Mower, tools, appliances, furniture. Call 453-8003
INVENTORY sale, quality furniture, lamps, household items, special prices. Call 477-0021
MINNESOTA former residents, Canadian products available this area. Call 478-4600
GARAGE SALE, 29700 Lyndon, Livonia, off Middlebelt, Thurs. 9 a.m.
GARAGE SALE starting Fri. 32330 15 Mile Rd., Farmington. 474-0560
POLICE Bearcat scanner, 8 bands, like new. Call after 6 p.m. 422-7346
GEARS 11,000 BTU automatic air conditioner, $150. Roll Hawk, 3 speed, $10. 453-1575
EXCELLENT working wardrobe and matching, size 14 and 16, also coat, size 12. 421-8345 after 6 p.m.
RUMMAGE and Antiques, Tuesday, Aug. 8 and Wednesday, Aug. 9, 9 a.m. to 4 p.m. 15847 Wakenden, 1 block north of Five Mile, Livonia.
ELECTRIC Dryer, Kenmore, like new. Call 425-3135
STEREO-PHONO, AM-FM, Magnavox console, solid state. 425-8816
POOL TABLE, 7 ft. "Sultan" by Brunswick, complete with all accessories, excellent condition, Mechanical lighting. $375. 422-4521
REFRIGERATOR, stove, sofa, chair, coffee table, kitchen table/chairs, maple double bed, electric stove, hall, waffle, radio, tenarquelles. 455-2255
GARAGE SALE. Thurs., Fri. Furniture, household items, clothing, misc. 25625 Grandmont, Farmington, near Inkster. 437-2546
CALIFORNIA former residents, Canadian products available this area. Call 425-1135
SACRIFICE, 2 ladies' diamond rings. 453-4320
GARAGE SALE, 14817 Kosloni, off 5 Mile, west of Newburgh. Fri.-Sat. 9 to 6. Children's clothes, toys, household items.
GARAGE SALE, 23098 Warner, Farmington, Household goods, shower doors, gas heater, glass fireplace screen, Ping-Pong table, Mr. Bowl-Mrs. Bowl, much misc. Wed. thru Thursday. 464-4090
SEARS Bar Phono, with cabinet speakers, excellent condition, $75. 422-5445
GARAGE SALE, 32160 Marblehead, Farmington, 10 Mile & Merriman, Aug. 3-7. 476-6175
GARAGE SALE, 27960 Winston, Farmington, between Mid & Inkster Roads. Thurs., Fri., Sat. 9 to 7.
RESALE SHOP TOGS 'N TIQUES
Summer Clearance Sale
ALL SUMMER CLOTHING
SOME WINTER CLOTHING
25509 Five Mile Road, one block east of Beech Daly
Days, Thurs, Fri, Sat. 10 to 6
Evenings Wed., Thurs., Fri. 7-9
KE 1-3160
PIANO 1900 era flower tile mirrors, $25. 477-9115
GARAGE SALE, 24000 Lilac Way, Farmington, 10 Mile. $25. Children's books, lamps, etc.
SIX large 55 gal. barrels. Must sell. 474-6030
ITEMS: A-B, Dick platform graph (90 Series) $75; 5 hp Electric motor, $30. Two, Jackson, 2 mowers, $300. 421-7025
SNOW Blower, 6 hp. Jacobsen, good condition, best offer. 422-3310
GARAGE SALE, Tuesday only 12 noon to 9 p.m., 2810 Westland, off Wayne Rd. 482-5451
5-16 Misc. For Sale
RUMMAGE SALE — Women's clothes and baby clothes, like new and all cheap. Also miscellaneous. Sat., Aug. 3, 4, 5. 11316 Leverwell, Livonia. 421-6096
GARAGE SALE, 18836 Golfview, 5 Mile and Farmington, N. of 5 Mile, between Farmington, Levan. Sat., Sun., misc., encyclopedias, dishes, dining room set.
KOSS ESP 9, TEAC A 4010 GS, Fisher 60 speakers and deck, acoustic amp and preamp. Thorens TD 124 turntable. Sansui QS1. 522-7953
BURTON Hollow Surf Club membership, $200. 474-3305
CEDAR CHEST, $15; Round-chest chair, $75; both excellent condition. 349-3028
GARAGE SALE, 31205 Collingham, Farmington, Between Evergreen and Orchard Lake, Fri., Sat.
GARAGE Sale, new and used items, new only 7' bowl $50, slide, record player, swamp-cooler, children's clothing. 476-9608
BURTON Hollow Surf Club membership, includes 1972 dues, $275 or best offer. 421-0072
STX piece silver coffee and tea service, plated, Sheffield, $250; Reyal stainless tea service, coffee, toaster, drapes, spread, carpeting, 15x10. 464-0075
GARAGE SALE, 14100 Stark Rd., Livonia, Thurs., Fri., Sat. Boys' clothing, sizes 3 to 12, toys, household items, furniture.
18x4 FT. above ground swimming pool, includes ladder. 474-6090
GARAGE SALE, 29740 Middlewood Lane, off Middlebelt, between 13 and 15 Mile, Farmington, 3 girls' clothes, beds, dining tables, 3 girls' clothes, dishes, misc.
GIGANTIC eight family garage sale, 4845 Beech Daly, ½ block south of Joy, Dearborn Heights. August 3, 4, 5 from 9-6.
GARAGE SALE, 19030 Algonquin, Westland, between Ford, Warren, off Wildwood. Bottles, books, clothes, tires, misc.
DRESSER oak railroad ties, used 8 and 10 lengths, exceptional good, many used sizes and 2 years, welcome your carries. Livonia Bros. Wilkinson and Sons, Livonia, off Fernhill. Call Mon. thru Fri. 9-5. 476-2440
USED garage door, $30. Good condition. 453-5920
DINING Walnut Oak, three piece. Mediterranean bedroom set, complete, $400 or best offer; 1st Pecan table, two leaves, four beige pattern chairs, one hutch with 3 doors, all excellent condition, $300; oriental rug, Fenton clothes, etc. 474-1095
RUMMAGE SALE, 17369 Brady, Redford Twp., Wed. Thurs., Fri., bottles, baby furniture, clothes, much more.
RUMMAGE SALE, 31343 Mabson, Westland, Fri., Sat., Sun. 8-5. Baby clothes, bedding, toys, maternity and boys, girls clothing, 1 block S. of 9 Mile off Lahser.
PIANO, $125, blue naugahyde couch, like new, $75, golf clubs, men's, $50, typewriter, used only a few times, $45. 455-1620
GARAGE SALE, 14100 Stark Rd., Livonia, Wed., Thurs., Fri. Boys clothing, toys, household items, sewing machine.
SINGER DIAL-A-MATIC
Zig-Zag sewing machine. Embroiders, appliques, buttonholes, etc. Late model school trade-in. $59 cash or monthly payments. New machine guarantee. Universal Sewing Center, FE 4-0905.
GARAGE SALE, 33835 Cowan, ½ mile east of Wayne Rd. Aug. 3, 4, 5 from 9 a.m. to 8 p.m. Furniture, clothes, tables, household, recreation. No hospital equipment, etc. after 4.
ELECTRIC dryer, Whirlpool, beautiful condition. 453-1575
TOP SOIL PEAT
Sand and Gravel
476-3209
GARAGE SALE, Aug. 3, 4, 5, 8 a.m.-4 p.m., a trundle crate, girl, women's, men's clothes, excellent condition. 23807 Sunnyside, between 8 Mile, Levan. Newburgh.
GARAGE SALE, 33925 Greenland, Aug. 3, 4, 5 and west of Merriman, off Ford.
EVERY make electric carpet shampooer does a better job at Loeffler Pro Hardware. 29150 W. Five Mile Rd., Livonia. 422-5950
NIAGARA reclining vibrator chair, like new, $75. Metal table, $25. 422-5921
PORTABLE dishwasher, Coppertone, excellent condition, $45. 72 lb bar bell set, $15. 474-8932
10% OFF on unfinished furniture, over 1,000 pieces in stock, Gambles. 117 E. Main St., Northville. 349-2323
3 PCS. Beige Nylon Frieze sectional, good condition, also Dropleaf stereo master component turntable, nearly new. Two 13x15 new Firestone tires. 477-3975
CANTON POWER EQUIPMENT
Big savings of $145 on all new John Deere "Electric 90" riding mower. Open evenings and Sundays.
46600 Ford Rd.
¾ mile west Canton Center Rd.
453-0295
MOVING, Garage Sale, 34200 Rowley, Westland, west of Wayne Rd., north of Cherry Hill. Thurs., Fri., Sat. 9-6. One 30 x 13 blue awning, 2 ice chest from Wildwood. Bike, rollaway bed, household, etc. 5 pc. deluxe spindle, 1 mile, Sat. 4 p.m.
CARPET Remnant Sale. Prices all over 9x12, rugs, roll balances, indoor, outdoor, broadloom carpeting. Come in or call 261-5550. Blvd. Carpet Supply, 17505 Farmington Rd., Livonia. 261-4910
GARAGE SALE, 33525 Bertram, Westland, west of Venoy, 3 Mile, N. of 8 Mile. Thurs., Fri., Sat. Baby furniture, clothing, household, jumper, riding mower, misc., lawn mower, etc. 422-6525
WHIRLPOOL gas clothes dryer, $45. Gas water heater, 40 gal., $40. Gas water heater, 30 gal. $25. 476-3305
GARAGE SALE, Aug. 3, 4, 5. 35773 Barton, off Middlebelt, Livonia, between Newburgh, Wayne. Baby items, furniture, bicycles, aluminum, windows, doors, wood items, etc.
DAVENPORT, coffee table, lamps, record player, small chest. 421-2440
TV EQUIPMENT and parts, 16 ft. fiberglass boat with trailer. 721-6283
GARAGE SALE, 32916 Sleepy Hollow, W. of Farmington, off 14 Mile, Aug. 3 and 4 and Sat. of 5. 8 a.m.-5 p.m. Antique spinet, stereo, beds, gas heater, children's, ladies' clothing.
